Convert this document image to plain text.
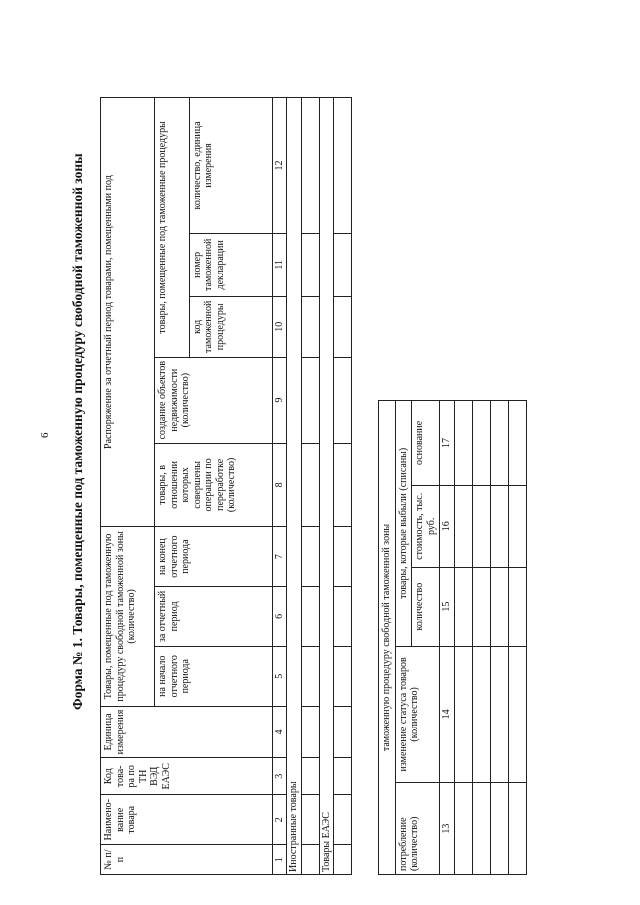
6 Форма № 1. Товары, помещенные под таможенную процедуру свободной таможенной зоны
№ п/п	Наимено-вание товара	Код това-ра по ТН ВЭД ЕАЭС	Единица измерения	Товары, помещенные под таможенную процедуру свободной таможенной зоны (количество)			Распоряжение за отчетный период товарами, помещенными под				
				на начало отчетного периода	за отчетный период	на конец отчетного периода	товары, в отношении которых совершены операции по переработке (количество)	создание объектов недвижимости (количество)	товары, помещенные под таможенные процедуры		
									код таможенной процедуры	номер таможенной декларации	количество, единица измерения
1	2	3	4	5	6	7	8	9	10	11	12
Иностранные товары											

Товары ЕАЭС											

таможенную процедуру свободной таможенной зоны				
потребление (количество)	изменение статуса товаров (количество)	товары, которые выбыли (списаны)		
		количество	стоимость, тыс. руб.	основание
13	14	15	16	17
